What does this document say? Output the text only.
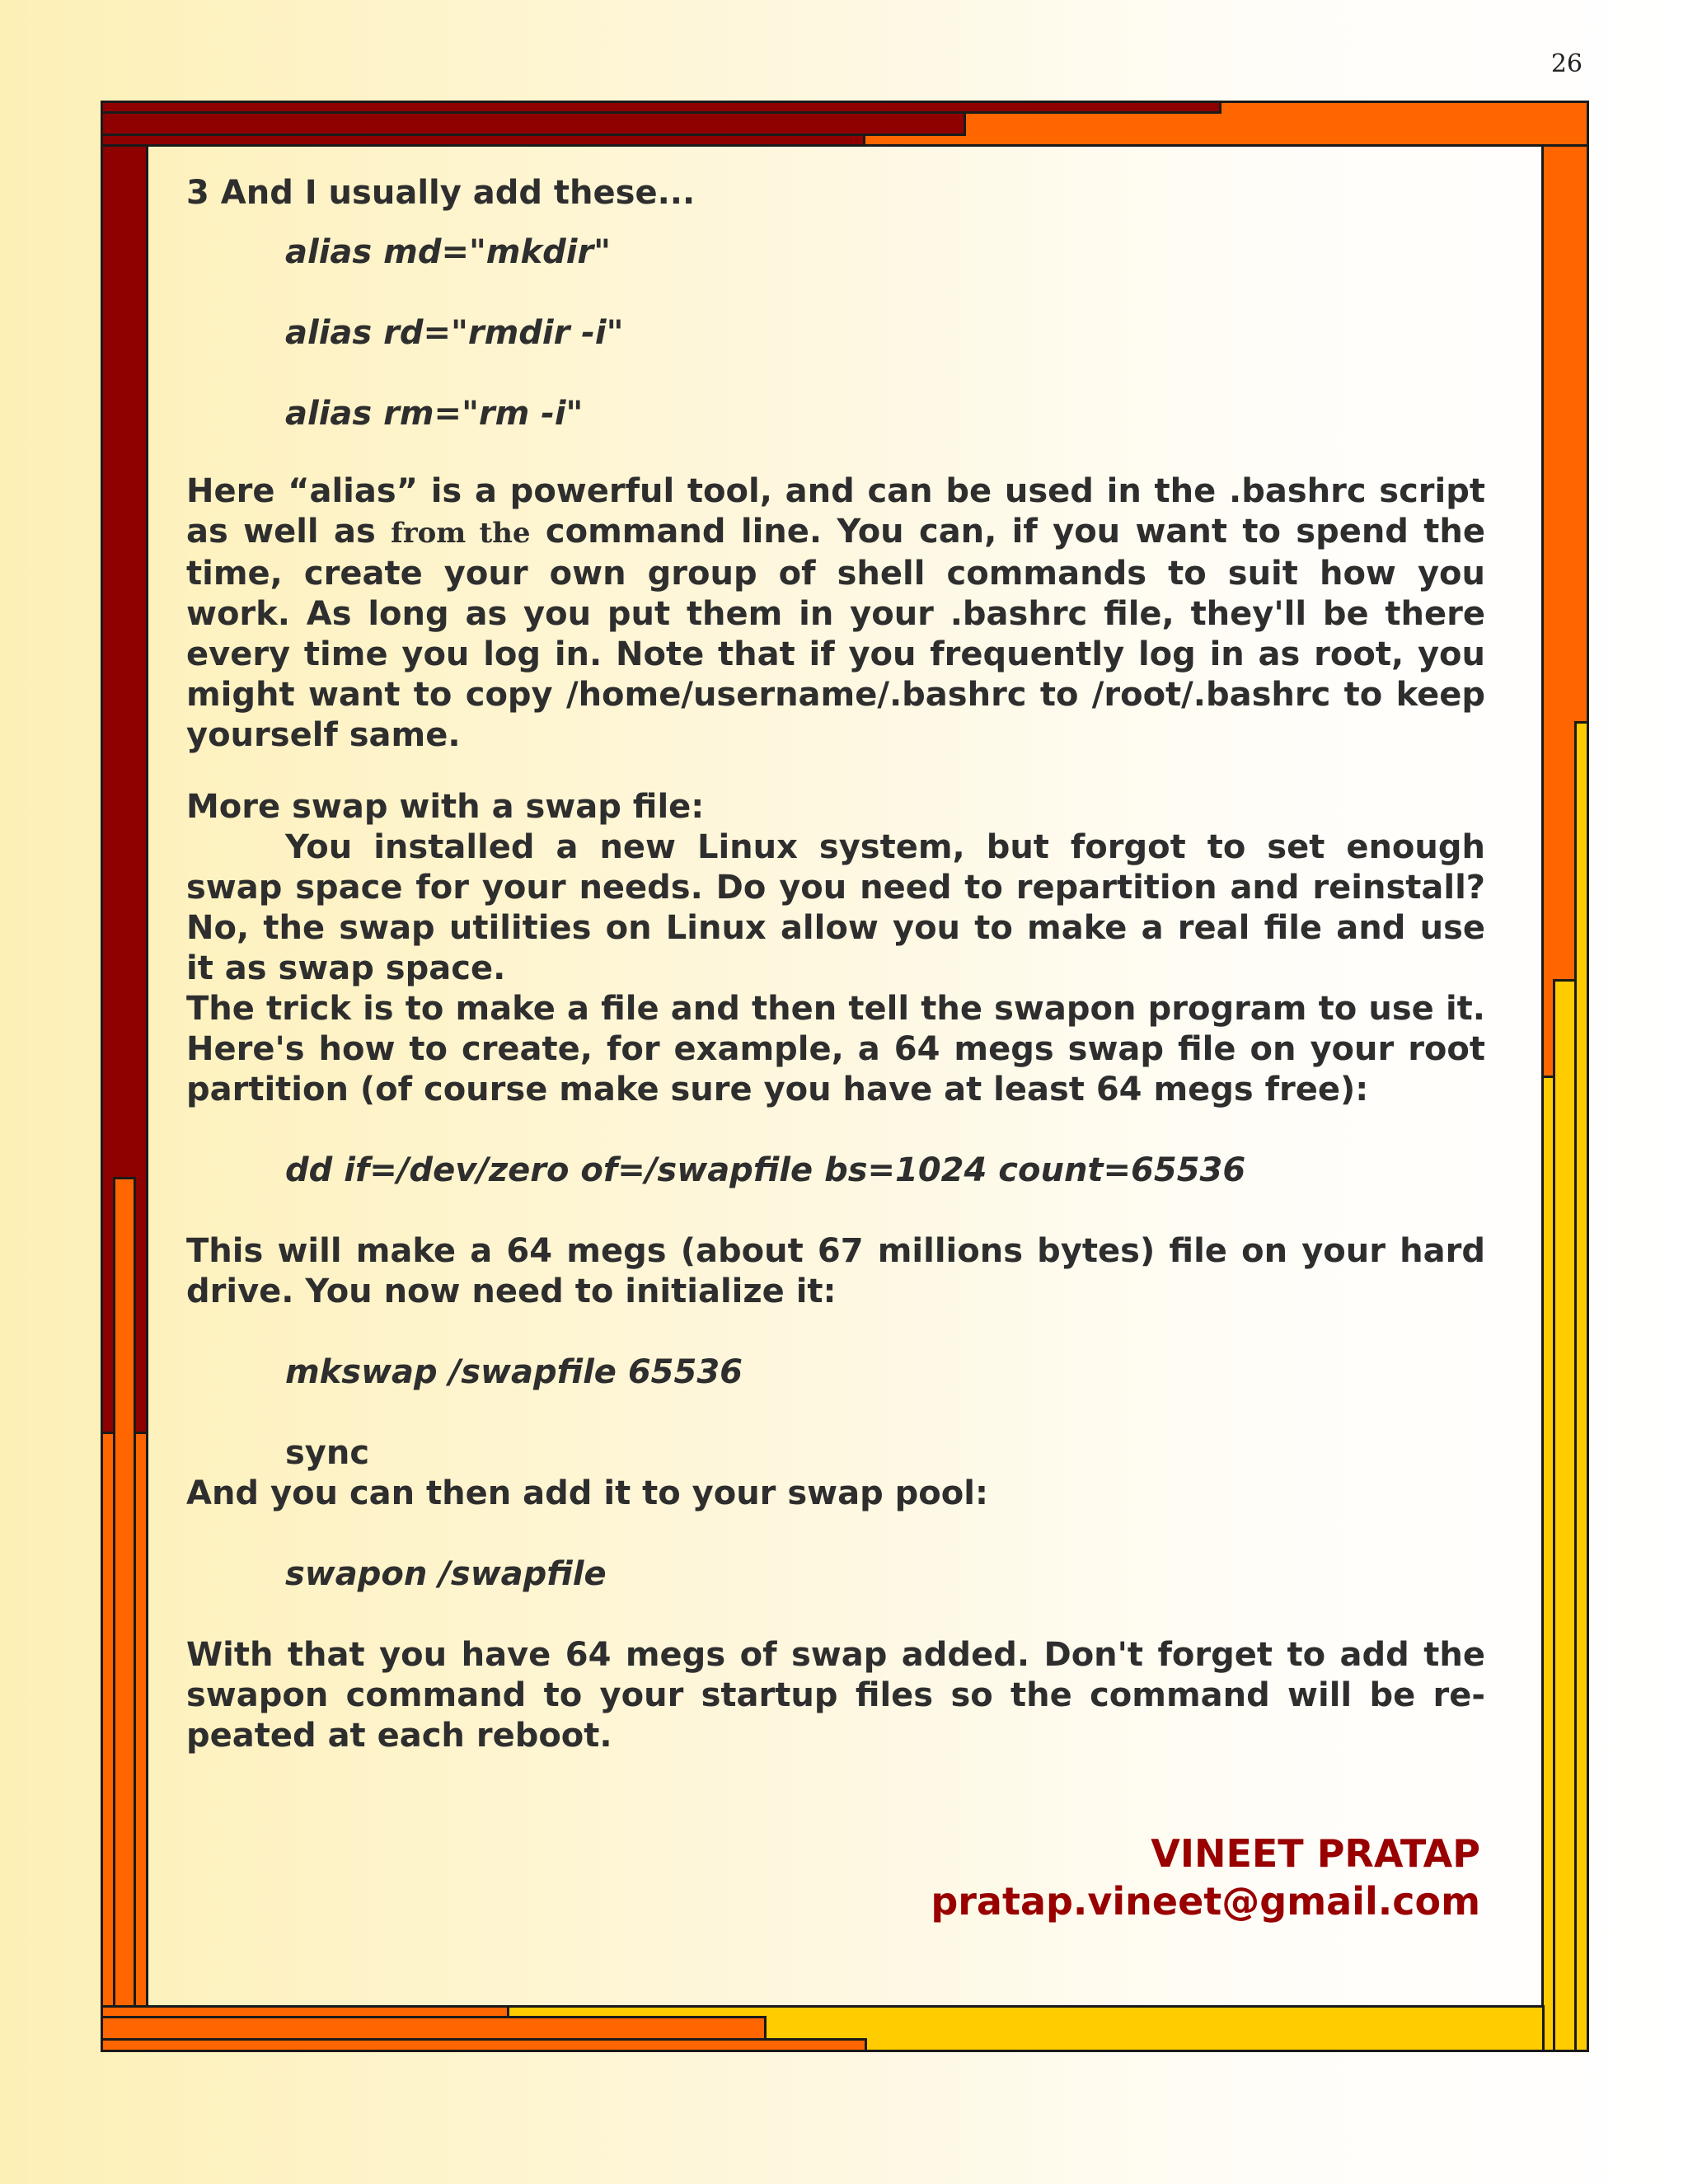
26

3 And I usually add these...

alias md="mkdir"

alias rd="rmdir -i"

alias rm="rm -i"

Here “alias” is a powerful tool, and can be used in the .bashrc script as well as from the command line. You can, if you want to spend the time, create your own group of shell commands to suit how you work. As long as you put them in your .bashrc file, they'll be there every time you log in. Note that if you frequently log in as root, you might want to copy /home/username/.bashrc to /root/.bashrc to keep yourself same.

More swap with a swap file:

You installed a new Linux system, but forgot to set enough swap space for your needs. Do you need to repartition and reinstall? No, the swap utilities on Linux allow you to make a real file and use it as swap space.

The trick is to make a file and then tell the swapon program to use it. Here's how to create, for example, a 64 megs swap file on your root partition (of course make sure you have at least 64 megs free):

dd if=/dev/zero of=/swapfile bs=1024 count=65536

This will make a 64 megs (about 67 millions bytes) file on your hard drive. You now need to initialize it:

mkswap /swapfile 65536

sync

And you can then add it to your swap pool:

swapon /swapfile

With that you have 64 megs of swap added. Don't forget to add the swapon command to your startup files so the command will be re-peated at each reboot.

VINEET PRATAP
pratap.vineet@gmail.com
